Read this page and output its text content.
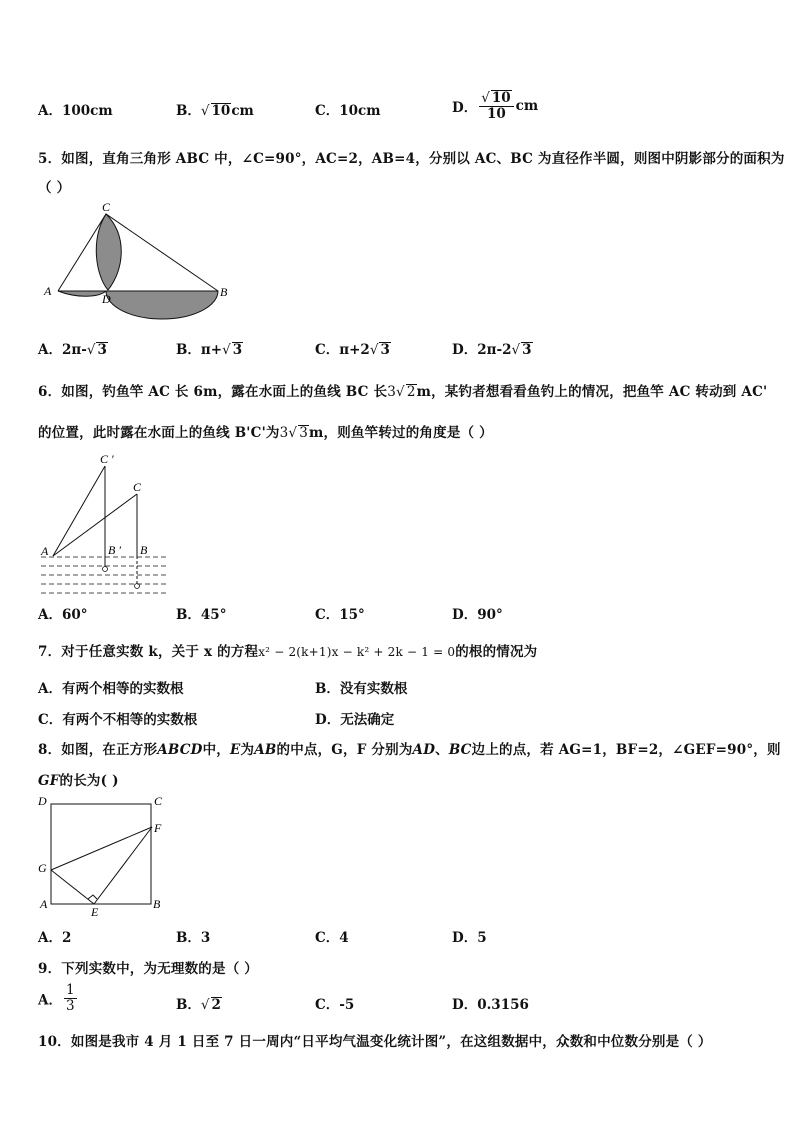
A．100cm	B．√ 10cm	C．10cm	D． $\frac{√ 10}{10}$ cm
5．如图，直角三角形 ABC 中，∠C=90°，AC=2，AB=4，分别以 AC、BC 为直径作半圆，则图中阴影部分的面积为
（ ）
C
A
D	B
A．2π-√ 3	B．π+√ 3	C．π+2√ 3	D．2π-2√ 3
6．如图，钓鱼竿 AC 长 6m，露在水面上的鱼线 BC 长3√ 2m，某钓者想看看鱼钓上的情况，把鱼竿 AC 转动到 AC'
的位置，此时露在水面上的鱼线 B'C'为3√ 3m，则鱼竿转过的角度是（ ）
C ′
C
A	B ′ B
A．60°	B．45°	C．15°	D．90°
7．对于任意实数 k，关于 x 的方程x² − 2(k+1)x − k² + 2k − 1 = 0的根的情况为
A．有两个相等的实数根	B．没有实数根
C．有两个不相等的实数根	D．无法确定
8．如图，在正方形ABCD中，E为AB的中点，G，F 分别为AD、BC边上的点，若 AG=1，BF=2，∠GEF=90°，则
GF的长为( )
D	C
F
G
A
E
B
A．2	B．3	C．4	D．5
9．下列实数中，为无理数的是（ ）
A． $\frac{1}{3}$	B．√ 2	C．-5	D．0.3156
10．如图是我市 4 月 1 日至 7 日一周内“日平均气温变化统计图”，在这组数据中，众数和中位数分别是（ ）
